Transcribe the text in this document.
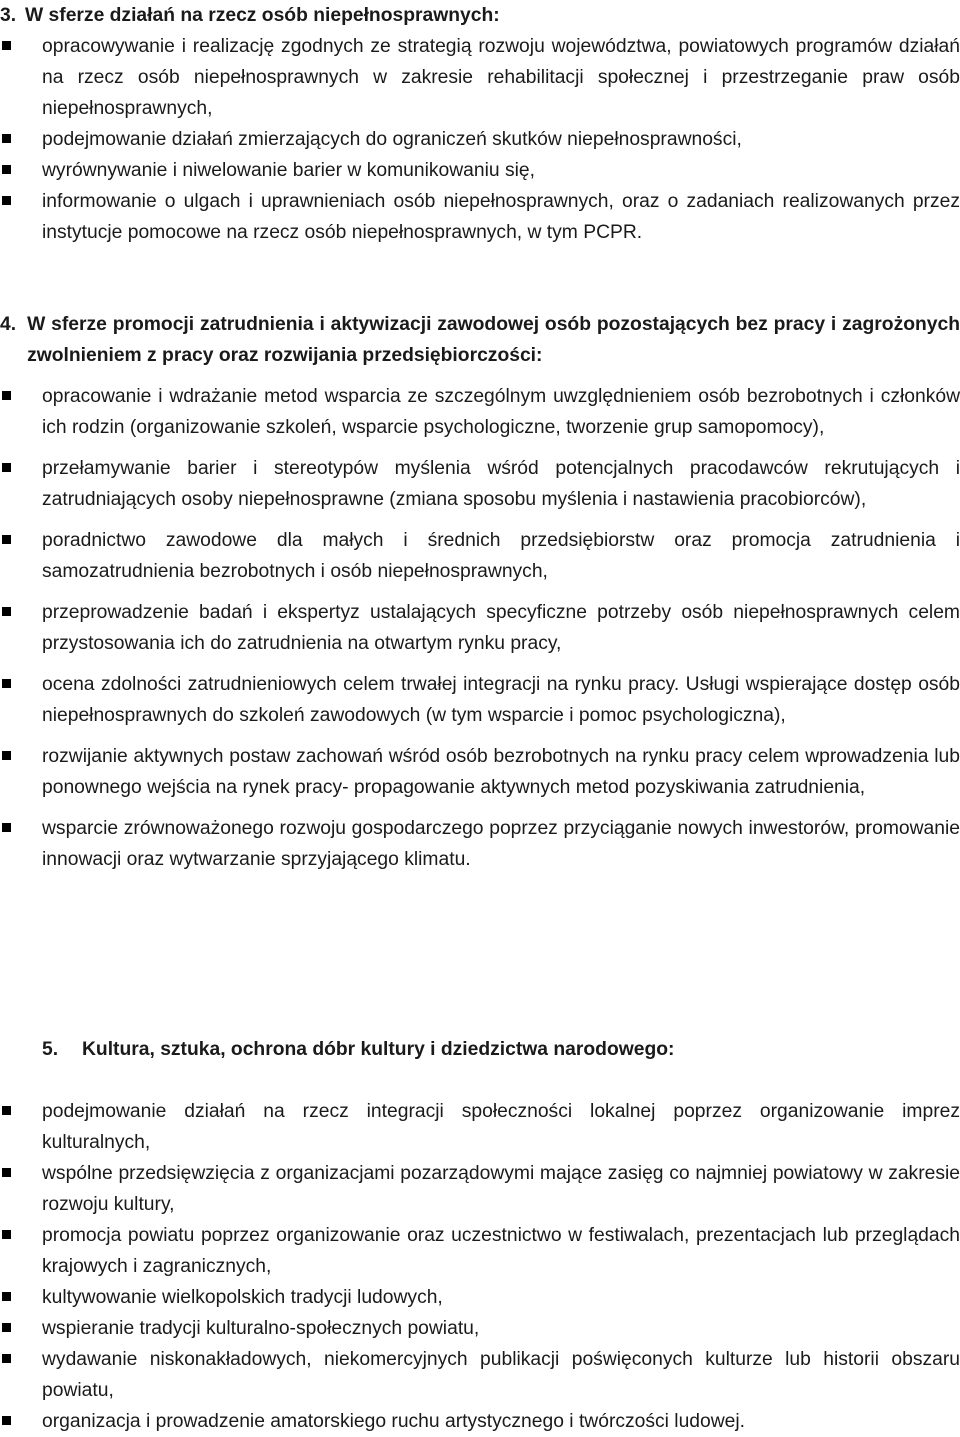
3. W sferze działań na rzecz osób niepełnosprawnych:
opracowywanie i realizację zgodnych ze strategią rozwoju województwa, powiatowych programów działań na rzecz osób niepełnosprawnych w zakresie rehabilitacji społecznej i przestrzeganie praw osób niepełnosprawnych,
podejmowanie działań zmierzających do ograniczeń skutków niepełnosprawności,
wyrównywanie i niwelowanie barier w komunikowaniu się,
informowanie o ulgach i uprawnieniach osób niepełnosprawnych, oraz o zadaniach realizowanych przez instytucje pomocowe na rzecz osób niepełnosprawnych, w tym PCPR.
4. W sferze promocji zatrudnienia i aktywizacji zawodowej osób pozostających bez pracy i zagrożonych zwolnieniem z pracy oraz rozwijania przedsiębiorczości:
opracowanie i wdrażanie metod wsparcia ze szczególnym uwzględnieniem osób bezrobotnych i członków ich rodzin (organizowanie szkoleń, wsparcie psychologiczne, tworzenie grup samopomocy),
przełamywanie barier i stereotypów myślenia wśród potencjalnych pracodawców rekrutujących i zatrudniających osoby niepełnosprawne (zmiana sposobu myślenia i nastawienia pracobiorców),
poradnictwo zawodowe dla małych i średnich przedsiębiorstw oraz promocja zatrudnienia i samozatrudnienia bezrobotnych i osób niepełnosprawnych,
przeprowadzenie badań i ekspertyz ustalających specyficzne potrzeby osób niepełnosprawnych celem przystosowania ich do zatrudnienia na otwartym rynku pracy,
ocena zdolności zatrudnieniowych celem trwałej integracji na rynku pracy. Usługi wspierające dostęp osób niepełnosprawnych do szkoleń zawodowych (w tym wsparcie i pomoc psychologiczna),
rozwijanie aktywnych postaw zachowań wśród osób bezrobotnych na rynku pracy celem wprowadzenia lub ponownego wejścia na rynek pracy- propagowanie aktywnych metod pozyskiwania zatrudnienia,
wsparcie zrównoważonego rozwoju gospodarczego poprzez przyciąganie nowych inwestorów, promowanie innowacji oraz wytwarzanie sprzyjającego klimatu.
5.	Kultura, sztuka, ochrona dóbr kultury i dziedzictwa narodowego:
podejmowanie działań na rzecz integracji społeczności lokalnej poprzez organizowanie imprez kulturalnych,
wspólne przedsięwzięcia z organizacjami pozarządowymi mające zasięg co najmniej powiatowy w zakresie rozwoju kultury,
promocja powiatu poprzez organizowanie oraz uczestnictwo w festiwalach, prezentacjach lub przeglądach krajowych i zagranicznych,
kultywowanie wielkopolskich tradycji ludowych,
wspieranie tradycji kulturalno-społecznych powiatu,
wydawanie niskonakładowych, niekomercyjnych publikacji poświęconych kulturze lub historii obszaru powiatu,
organizacja i prowadzenie amatorskiego ruchu artystycznego i twórczości ludowej.
